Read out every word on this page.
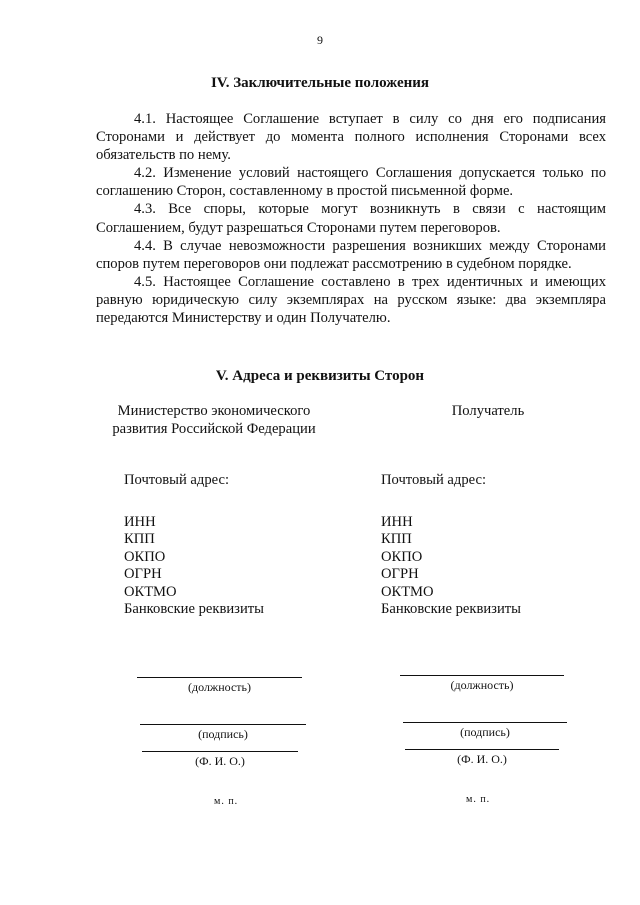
9
IV. Заключительные положения

4.1. Настоящее Соглашение вступает в силу со дня его подписания Сторонами и действует до момента полного исполнения Сторонами всех обязательств по нему.

4.2. Изменение условий настоящего Соглашения допускается только по соглашению Сторон, составленному в простой письменной форме.

4.3. Все споры, которые могут возникнуть в связи с настоящим Соглашением, будут разрешаться Сторонами путем переговоров.

4.4. В случае невозможности разрешения возникших между Сторонами споров путем переговоров они подлежат рассмотрению в судебном порядке.

4.5. Настоящее Соглашение составлено в трех идентичных и имеющих равную юридическую силу экземплярах на русском языке: два экземпляра передаются Министерству и один Получателю.

V. Адреса и реквизиты Сторон
Министерство экономического
развития Российской Федерации
Получатель
Почтовый адрес:
ИНН
КПП
ОКПО
ОГРН
ОКТМО
Банковские реквизиты
Почтовый адрес:
ИНН
КПП
ОКПО
ОГРН
ОКТМО
Банковские реквизиты
(должность)
(подпись)
(Ф. И. О.)
м. п.
(должность)
(подпись)
(Ф. И. О.)
м. п.
